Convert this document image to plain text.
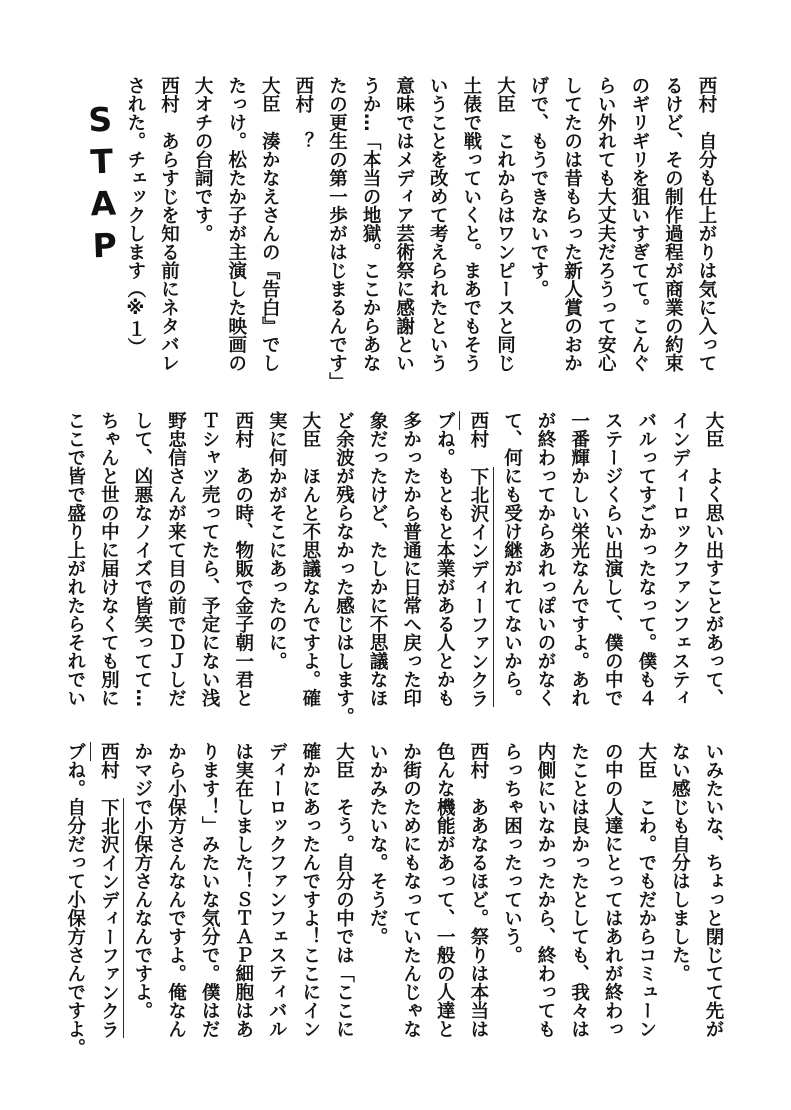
STAP
西村自分も仕上がりは気に入って
るけど、その制作過程が商業の約束
のギリギリを狙いすぎてて。こんぐ
らい外れても大丈夫だろうって安心
してたのは昔もらった新人賞のおか
げで、もうできないです。
大臣これからはワンピースと同じ
土俵で戦っていくと。まあでもそう
いうことを改めて考えられたという
意味ではメディア芸術祭に感謝とい
うか…「本当の地獄。ここからあな
たの更生の第一歩がはじまるんです」
西村？
大臣湊かなえさんの『告白』でし
たっけ。松たか子が主演した映画の
大オチの台詞です。
西村あらすじを知る前にネタバレ
された。チェックします（※１）
大臣よく思い出すことがあって、
インディーロックファンフェスティ
バルってすごかったなって。僕も４
ステージくらい出演して、僕の中で
一番輝かしい栄光なんですよ。あれ
が終わってからあれっぽいのがなく
て、何にも受け継がれてないから。
西村下北沢インディーファンクラ
ブね。もともと本業がある人とかも
多かったから普通に日常へ戻った印
象だったけど、たしかに不思議なほ
ど余波が残らなかった感じはします。
大臣ほんと不思議なんですよ。確
実に何かがそこにあったのに。
西村あの時、物販で金子朝一君と
Ｔシャツ売ってたら、予定にない浅
野忠信さんが来て目の前でＤＪしだ
して、凶悪なノイズで皆笑ってて…
ちゃんと世の中に届けなくても別に
ここで皆で盛り上がれたらそれでい
いみたいな、ちょっと閉じてて先が
ない感じも自分はしました。
大臣こわ。でもだからコミューン
の中の人達にとってはあれが終わっ
たことは良かったとしても、我々は
内側にいなかったから、終わっても
らっちゃ困ったっていう。
西村ああなるほど。祭りは本当は
色んな機能があって、一般の人達と
か街のためにもなっていたんじゃな
いかみたいな。そうだ。
大臣そう。自分の中では「ここに
確かにあったんですよ！ここにイン
ディーロックファンフェスティバル
は実在しました！ＳＴＡＰ細胞はあ
ります！」みたいな気分で。僕はだ
から小保方さんなんですよ。俺なん
かマジで小保方さんなんですよ。
西村下北沢インディーファンクラ
ブね。自分だって小保方さんですよ。
